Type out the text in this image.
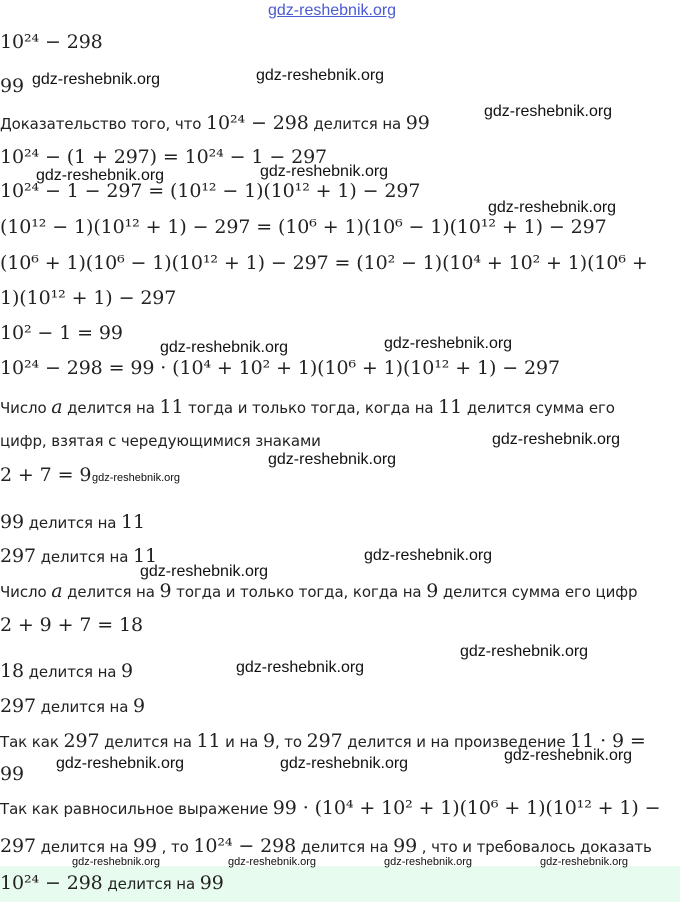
gdz-reshebnik.org
gdz-reshebnik.org	gdz-reshebnik.org
gdz-reshebnik.org
gdz-reshebnik.org	gdz-reshebnik.org
gdz-reshebnik.org
gdz-reshebnik.org
gdz-reshebnik.org
gdz-reshebnik.org
gdz-reshebnik.org
gdz-reshebnik.org
gdz-reshebnik.org
gdz-reshebnik.org
gdz-reshebnik.org
gdz-reshebnik.org
gdz-reshebnik.org
gdz-reshebnik.org	gdz-reshebnik.org
gdz-reshebnik.org	gdz-reshebnik.org	gdz-reshebnik.org	gdz-reshebnik.org
10²⁴ − 298
99
Доказательство того, что 10²⁴ − 298 делится на 99
10²⁴ − (1 + 297) = 10²⁴ − 1 − 297
10²⁴ − 1 − 297 = (10¹² − 1)(10¹² + 1) − 297
(10¹² − 1)(10¹² + 1) − 297 = (10⁶ + 1)(10⁶ − 1)(10¹² + 1) − 297
(10⁶ + 1)(10⁶ − 1)(10¹² + 1) − 297 = (10² − 1)(10⁴ + 10² + 1)(10⁶ +
1)(10¹² + 1) − 297
10² − 1 = 99
10²⁴ − 298 = 99 · (10⁴ + 10² + 1)(10⁶ + 1)(10¹² + 1) − 297
Число a делится на 11 тогда и только тогда, когда на 11 делится сумма его
цифр, взятая с чередующимися знаками
2 + 7 = 9
99 делится на 11
297 делится на 11
Число a делится на 9 тогда и только тогда, когда на 9 делится сумма его цифр
2 + 9 + 7 = 18
18 делится на 9
297 делится на 9
Так как 297 делится на 11 и на 9, то 297 делится и на произведение 11 · 9 =
99
Так как равносильное выражение 99 · (10⁴ + 10² + 1)(10⁶ + 1)(10¹² + 1) −
297 делится на 99 , то 10²⁴ − 298 делится на 99 , что и требовалось доказать
10²⁴ − 298 делится на 99
